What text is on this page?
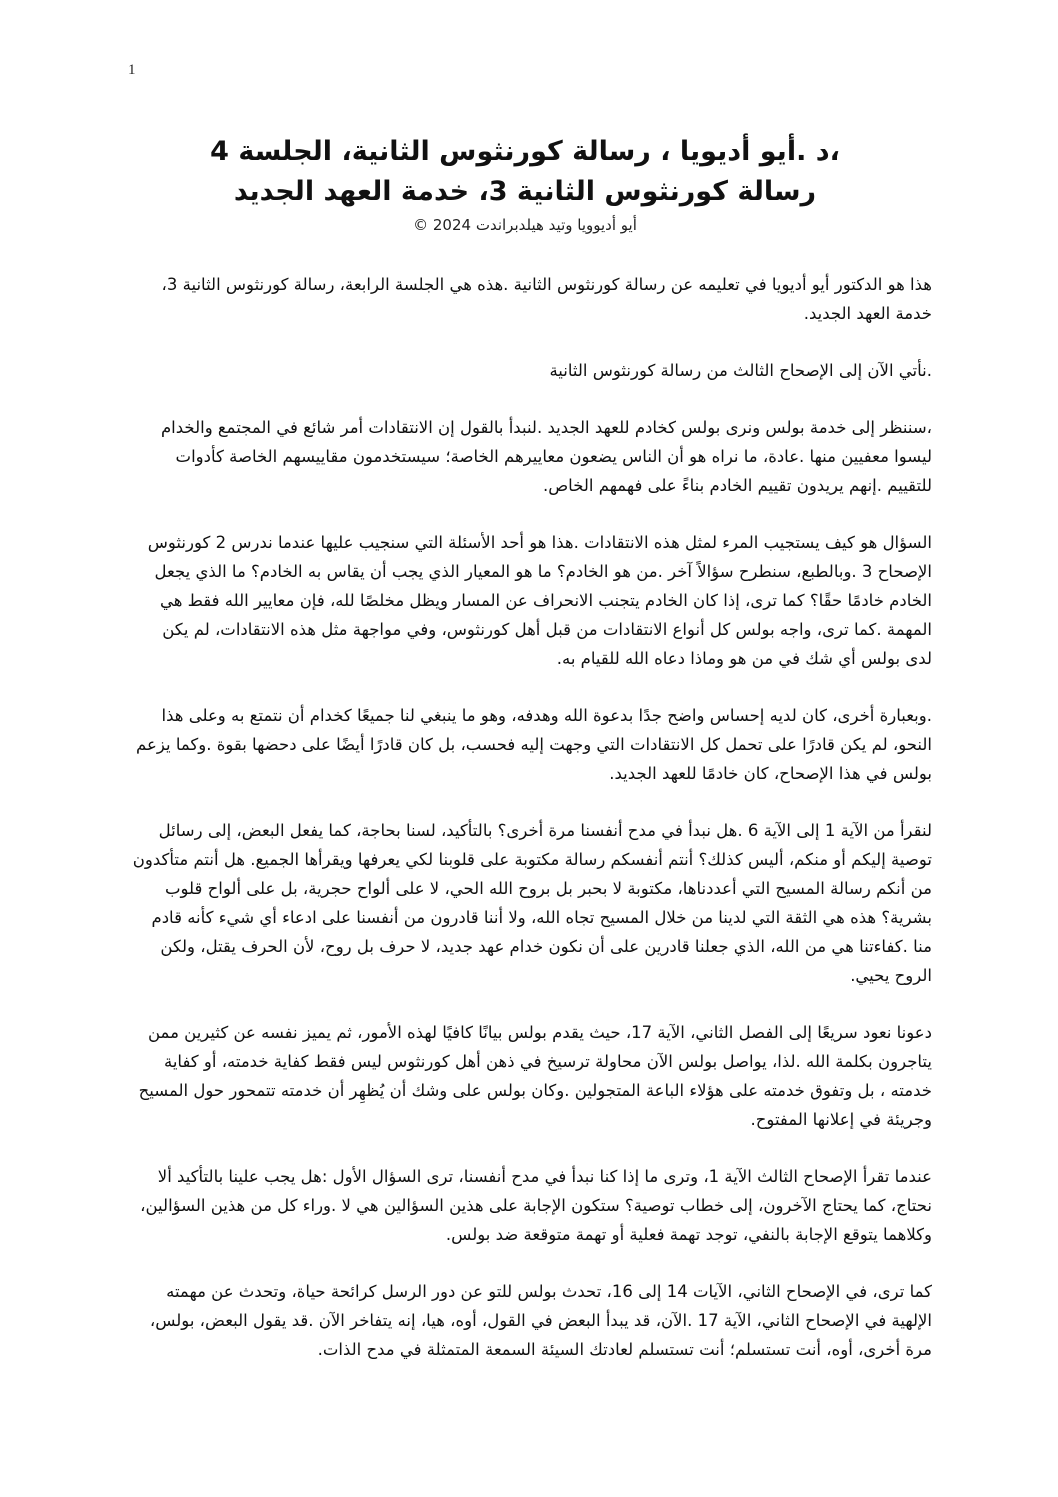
1
،د .أيو أديويا ، رسالة كورنثوس الثانية، الجلسة 4
رسالة كورنثوس الثانية 3، خدمة العهد الجديد
أيو أديوويا وتيد هيلدبراندت 2024 ©

هذا هو الدكتور أيو أديويا في تعليمه عن رسالة كورنثوس الثانية .هذه هي الجلسة الرابعة، رسالة كورنثوس الثانية 3، خدمة العهد الجديد.

.نأتي الآن إلى الإصحاح الثالث من رسالة كورنثوس الثانية

،سننظر إلى خدمة بولس ونرى بولس كخادم للعهد الجديد .لنبدأ بالقول إن الانتقادات أمر شائع في المجتمع والخدام ليسوا معفيين منها .عادة، ما نراه هو أن الناس يضعون معاييرهم الخاصة؛ سيستخدمون مقاييسهم الخاصة كأدوات للتقييم .إنهم يريدون تقييم الخادم بناءً على فهمهم الخاص.

السؤال هو كيف يستجيب المرء لمثل هذه الانتقادات .هذا هو أحد الأسئلة التي سنجيب عليها عندما ندرس 2 كورنثوس الإصحاح 3 .وبالطبع، سنطرح سؤالاً آخر .من هو الخادم؟ ما هو المعيار الذي يجب أن يقاس به الخادم؟ ما الذي يجعل الخادم خادمًا حقًا؟ كما ترى، إذا كان الخادم يتجنب الانحراف عن المسار ويظل مخلصًا لله، فإن معايير الله فقط هي المهمة .كما ترى، واجه بولس كل أنواع الانتقادات من قبل أهل كورنثوس، وفي مواجهة مثل هذه الانتقادات، لم يكن لدى بولس أي شك في من هو وماذا دعاه الله للقيام به.

.وبعبارة أخرى، كان لديه إحساس واضح جدًا بدعوة الله وهدفه، وهو ما ينبغي لنا جميعًا كخدام أن نتمتع به وعلى هذا النحو، لم يكن قادرًا على تحمل كل الانتقادات التي وجهت إليه فحسب، بل كان قادرًا أيضًا على دحضها بقوة .وكما يزعم بولس في هذا الإصحاح، كان خادمًا للعهد الجديد.

لنقرأ من الآية 1 إلى الآية 6 .هل نبدأ في مدح أنفسنا مرة أخرى؟ بالتأكيد، لسنا بحاجة، كما يفعل البعض، إلى رسائل توصية إليكم أو منكم، أليس كذلك؟ أنتم أنفسكم رسالة مكتوبة على قلوبنا لكي يعرفها ويقرأها الجميع. هل أنتم متأكدون من أنكم رسالة المسيح التي أعددناها، مكتوبة لا بحبر بل بروح الله الحي، لا على ألواح حجرية، بل على ألواح قلوب بشرية؟ هذه هي الثقة التي لدينا من خلال المسيح تجاه الله، ولا أننا قادرون من أنفسنا على ادعاء أي شيء كأنه قادم منا .كفاءتنا هي من الله، الذي جعلنا قادرين على أن نكون خدام عهد جديد، لا حرف بل روح، لأن الحرف يقتل، ولكن الروح يحيي.

دعونا نعود سريعًا إلى الفصل الثاني، الآية 17، حيث يقدم بولس بيانًا كافيًا لهذه الأمور، ثم يميز نفسه عن كثيرين ممن يتاجرون بكلمة الله .لذا، يواصل بولس الآن محاولة ترسيخ في ذهن أهل كورنثوس ليس فقط كفاية خدمته، أو كفاية خدمته ، بل وتفوق خدمته على هؤلاء الباعة المتجولين .وكان بولس على وشك أن يُظهِر أن خدمته تتمحور حول المسيح وجريئة في إعلانها المفتوح.

عندما تقرأ الإصحاح الثالث الآية 1، وترى ما إذا كنا نبدأ في مدح أنفسنا، ترى السؤال الأول :هل يجب علينا بالتأكيد ألا نحتاج، كما يحتاج الآخرون، إلى خطاب توصية؟ ستكون الإجابة على هذين السؤالين هي لا .وراء كل من هذين السؤالين، وكلاهما يتوقع الإجابة بالنفي، توجد تهمة فعلية أو تهمة متوقعة ضد بولس.

كما ترى، في الإصحاح الثاني، الآيات 14 إلى 16، تحدث بولس للتو عن دور الرسل كرائحة حياة، وتحدث عن مهمته الإلهية في الإصحاح الثاني، الآية 17 .الآن، قد يبدأ البعض في القول، أوه، هيا، إنه يتفاخر الآن .قد يقول البعض، بولس، مرة أخرى، أوه، أنت تستسلم؛ أنت تستسلم لعادتك السيئة السمعة المتمثلة في مدح الذات.
